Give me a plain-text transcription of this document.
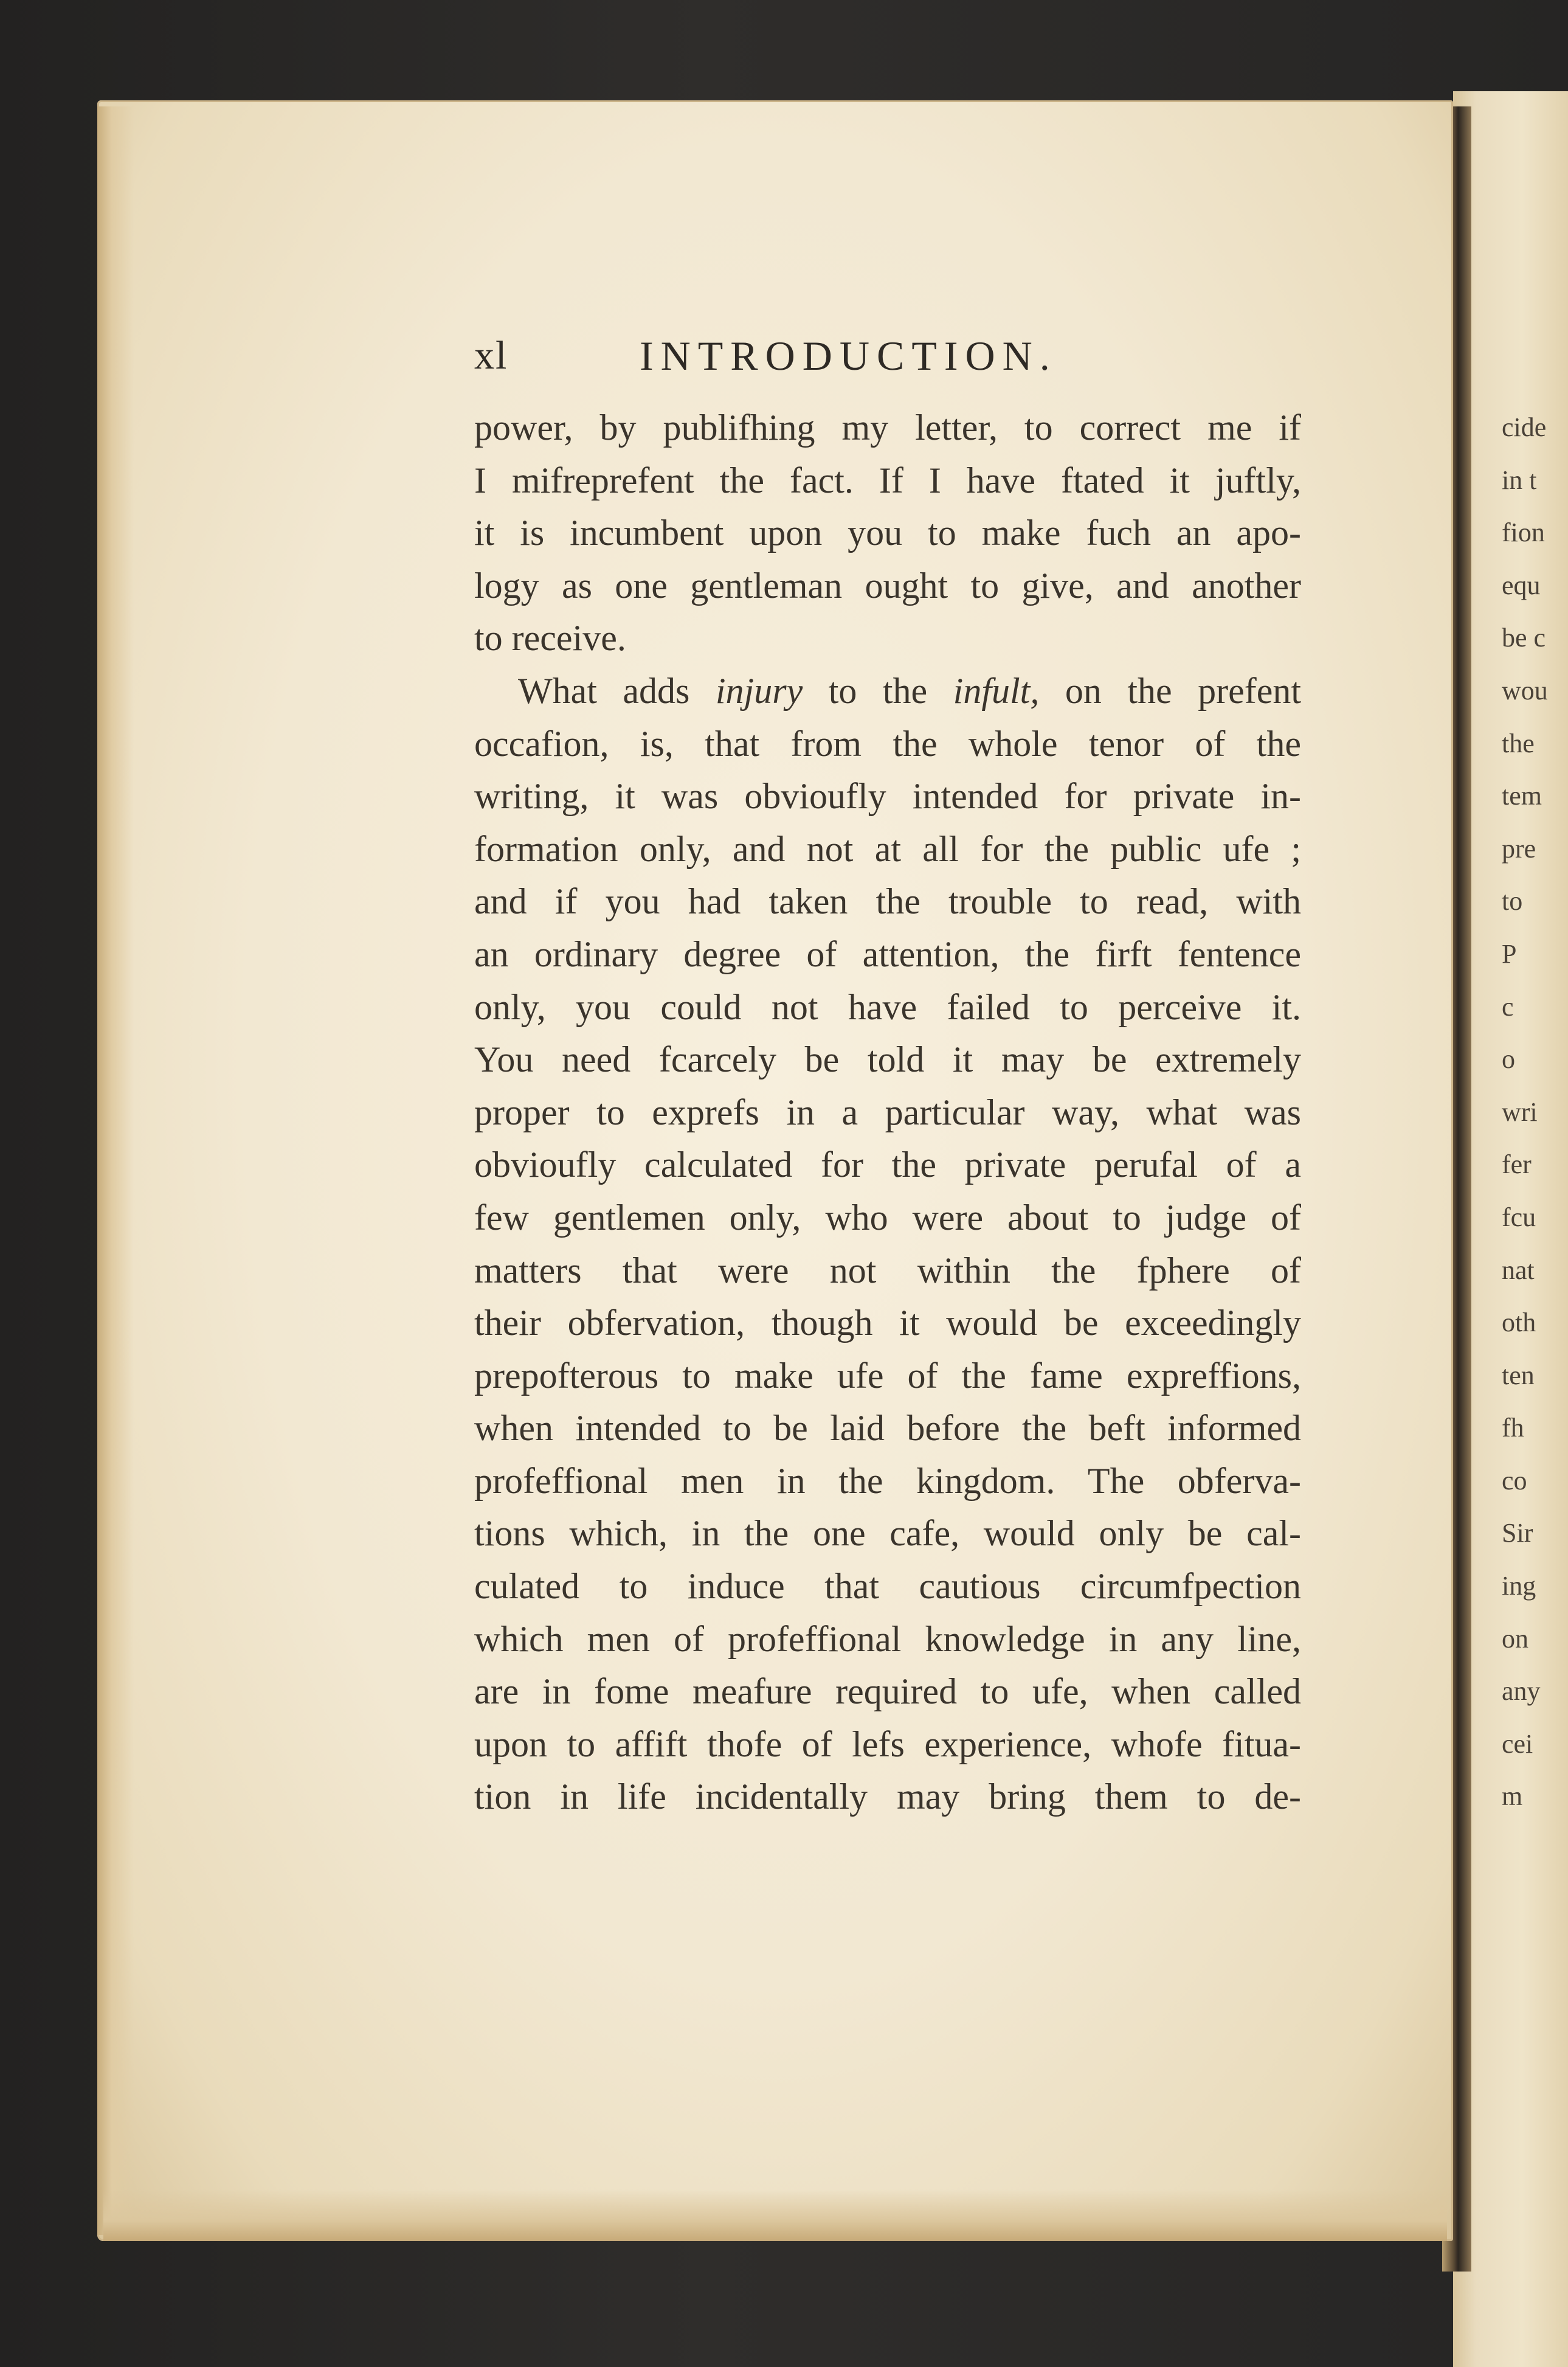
xl	INTRODUCTION.
power, by publifhing my letter, to correct me if
I mifreprefent the fact. If I have ftated it juftly,
it is incumbent upon you to make fuch an apo-
logy as one gentleman ought to give, and another
to receive.
What adds injury to the infult, on the prefent
occafion, is, that from the whole tenor of the
writing, it was obvioufly intended for private in-
formation only, and not at all for the public ufe ;
and if you had taken the trouble to read, with
an ordinary degree of attention, the firft fentence
only, you could not have failed to perceive it.
You need fcarcely be told it may be extremely
proper to exprefs in a particular way, what was
obvioufly calculated for the private perufal of a
few gentlemen only, who were about to judge of
matters that were not within the fphere of
their obfervation, though it would be exceedingly
prepofterous to make ufe of the fame expreffions,
when intended to be laid before the beft informed
profeffional men in the kingdom. The obferva-
tions which, in the one cafe, would only be cal-
culated to induce that cautious circumfpection
which men of profeffional knowledge in any line,
are in fome meafure required to ufe, when called
upon to affift thofe of lefs experience, whofe fitua-
tion in life incidentally may bring them to de-
cide
in t
fion
equ
be c
wou
the
tem
pre
to
P
c
o
wri
fer
fcu
nat
oth
ten
fh
co
Sir
ing
on
any
cei
m
